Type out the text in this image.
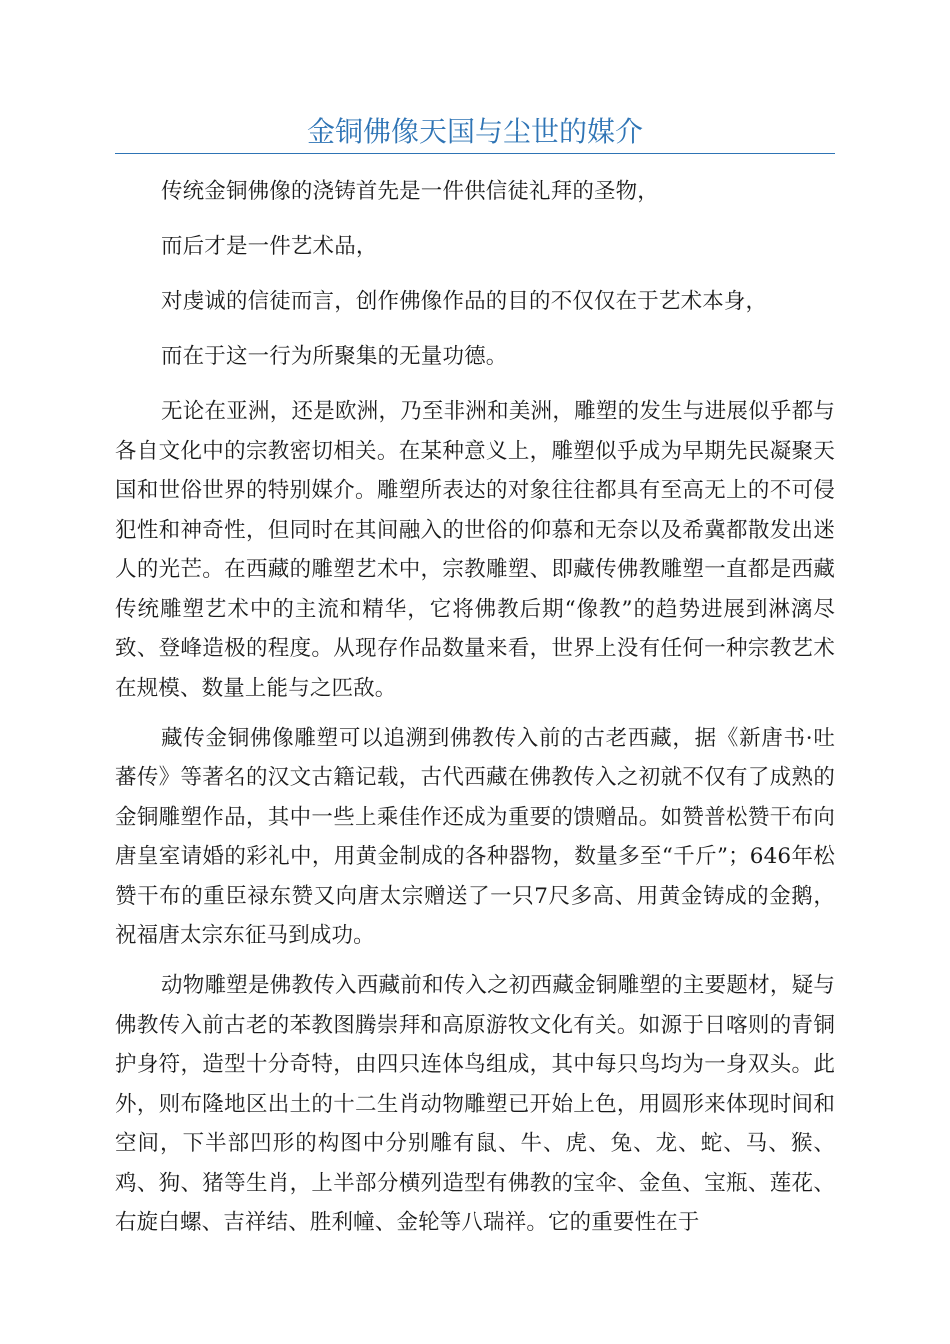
金铜佛像天国与尘世的媒介

传统金铜佛像的浇铸首先是一件供信徒礼拜的圣物，

而后才是一件艺术品，

对虔诚的信徒而言，创作佛像作品的目的不仅仅在于艺术本身，

而在于这一行为所聚集的无量功德。

无论在亚洲，还是欧洲，乃至非洲和美洲，雕塑的发生与进展似乎都与各自文化中的宗教密切相关。在某种意义上，雕塑似乎成为早期先民凝聚天国和世俗世界的特别媒介。雕塑所表达的对象往往都具有至高无上的不可侵犯性和神奇性，但同时在其间融入的世俗的仰慕和无奈以及希冀都散发出迷人的光芒。在西藏的雕塑艺术中，宗教雕塑、即藏传佛教雕塑一直都是西藏传统雕塑艺术中的主流和精华，它将佛教后期“像教”的趋势进展到淋漓尽致、登峰造极的程度。从现存作品数量来看，世界上没有任何一种宗教艺术在规模、数量上能与之匹敌。

藏传金铜佛像雕塑可以追溯到佛教传入前的古老西藏，据《新唐书·吐蕃传》等著名的汉文古籍记载，古代西藏在佛教传入之初就不仅有了成熟的金铜雕塑作品，其中一些上乘佳作还成为重要的馈赠品。如赞普松赞干布向唐皇室请婚的彩礼中，用黄金制成的各种器物，数量多至“千斤”；646年松赞干布的重臣禄东赞又向唐太宗赠送了一只7尺多高、用黄金铸成的金鹅，祝福唐太宗东征马到成功。

动物雕塑是佛教传入西藏前和传入之初西藏金铜雕塑的主要题材，疑与佛教传入前古老的苯教图腾崇拜和高原游牧文化有关。如源于日喀则的青铜护身符，造型十分奇特，由四只连体鸟组成，其中每只鸟均为一身双头。此外，则布隆地区出土的十二生肖动物雕塑已开始上色，用圆形来体现时间和空间，下半部凹形的构图中分别雕有鼠、牛、虎、兔、龙、蛇、马、猴、鸡、狗、猪等生肖，上半部分横列造型有佛教的宝伞、金鱼、宝瓶、莲花、右旋白螺、吉祥结、胜利幢、金轮等八瑞祥。它的重要性在于
